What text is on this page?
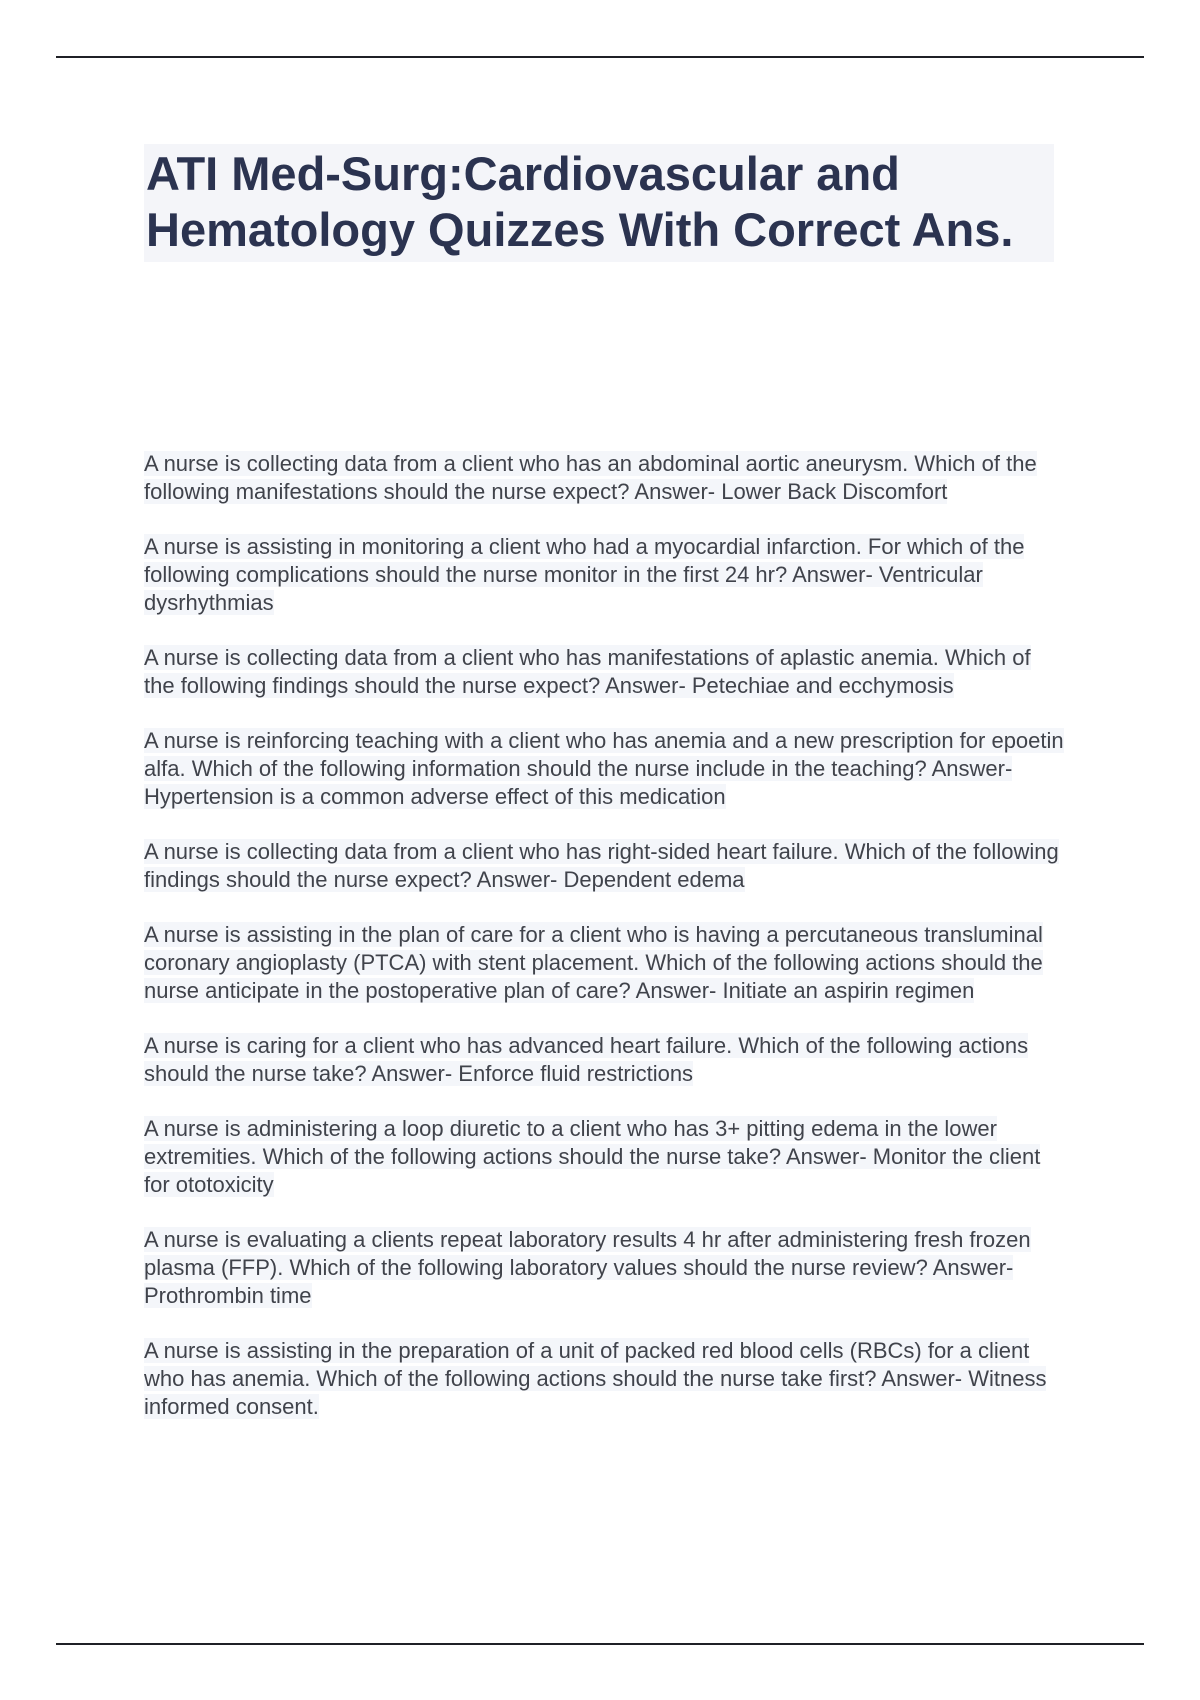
ATI Med-Surg:Cardiovascular and Hematology Quizzes With Correct Ans.

A nurse is collecting data from a client who has an abdominal aortic aneurysm. Which of the following manifestations should the nurse expect? Answer- Lower Back Discomfort

A nurse is assisting in monitoring a client who had a myocardial infarction. For which of the following complications should the nurse monitor in the first 24 hr? Answer- Ventricular dysrhythmias

A nurse is collecting data from a client who has manifestations of aplastic anemia. Which of the following findings should the nurse expect? Answer- Petechiae and ecchymosis

A nurse is reinforcing teaching with a client who has anemia and a new prescription for epoetin alfa. Which of the following information should the nurse include in the teaching? Answer- Hypertension is a common adverse effect of this medication

A nurse is collecting data from a client who has right-sided heart failure. Which of the following findings should the nurse expect? Answer- Dependent edema

A nurse is assisting in the plan of care for a client who is having a percutaneous transluminal coronary angioplasty (PTCA) with stent placement. Which of the following actions should the nurse anticipate in the postoperative plan of care? Answer- Initiate an aspirin regimen

A nurse is caring for a client who has advanced heart failure. Which of the following actions should the nurse take? Answer- Enforce fluid restrictions

A nurse is administering a loop diuretic to a client who has 3+ pitting edema in the lower extremities. Which of the following actions should the nurse take? Answer- Monitor the client for ototoxicity

A nurse is evaluating a clients repeat laboratory results 4 hr after administering fresh frozen plasma (FFP). Which of the following laboratory values should the nurse review? Answer- Prothrombin time

A nurse is assisting in the preparation of a unit of packed red blood cells (RBCs) for a client who has anemia. Which of the following actions should the nurse take first? Answer- Witness informed consent.
